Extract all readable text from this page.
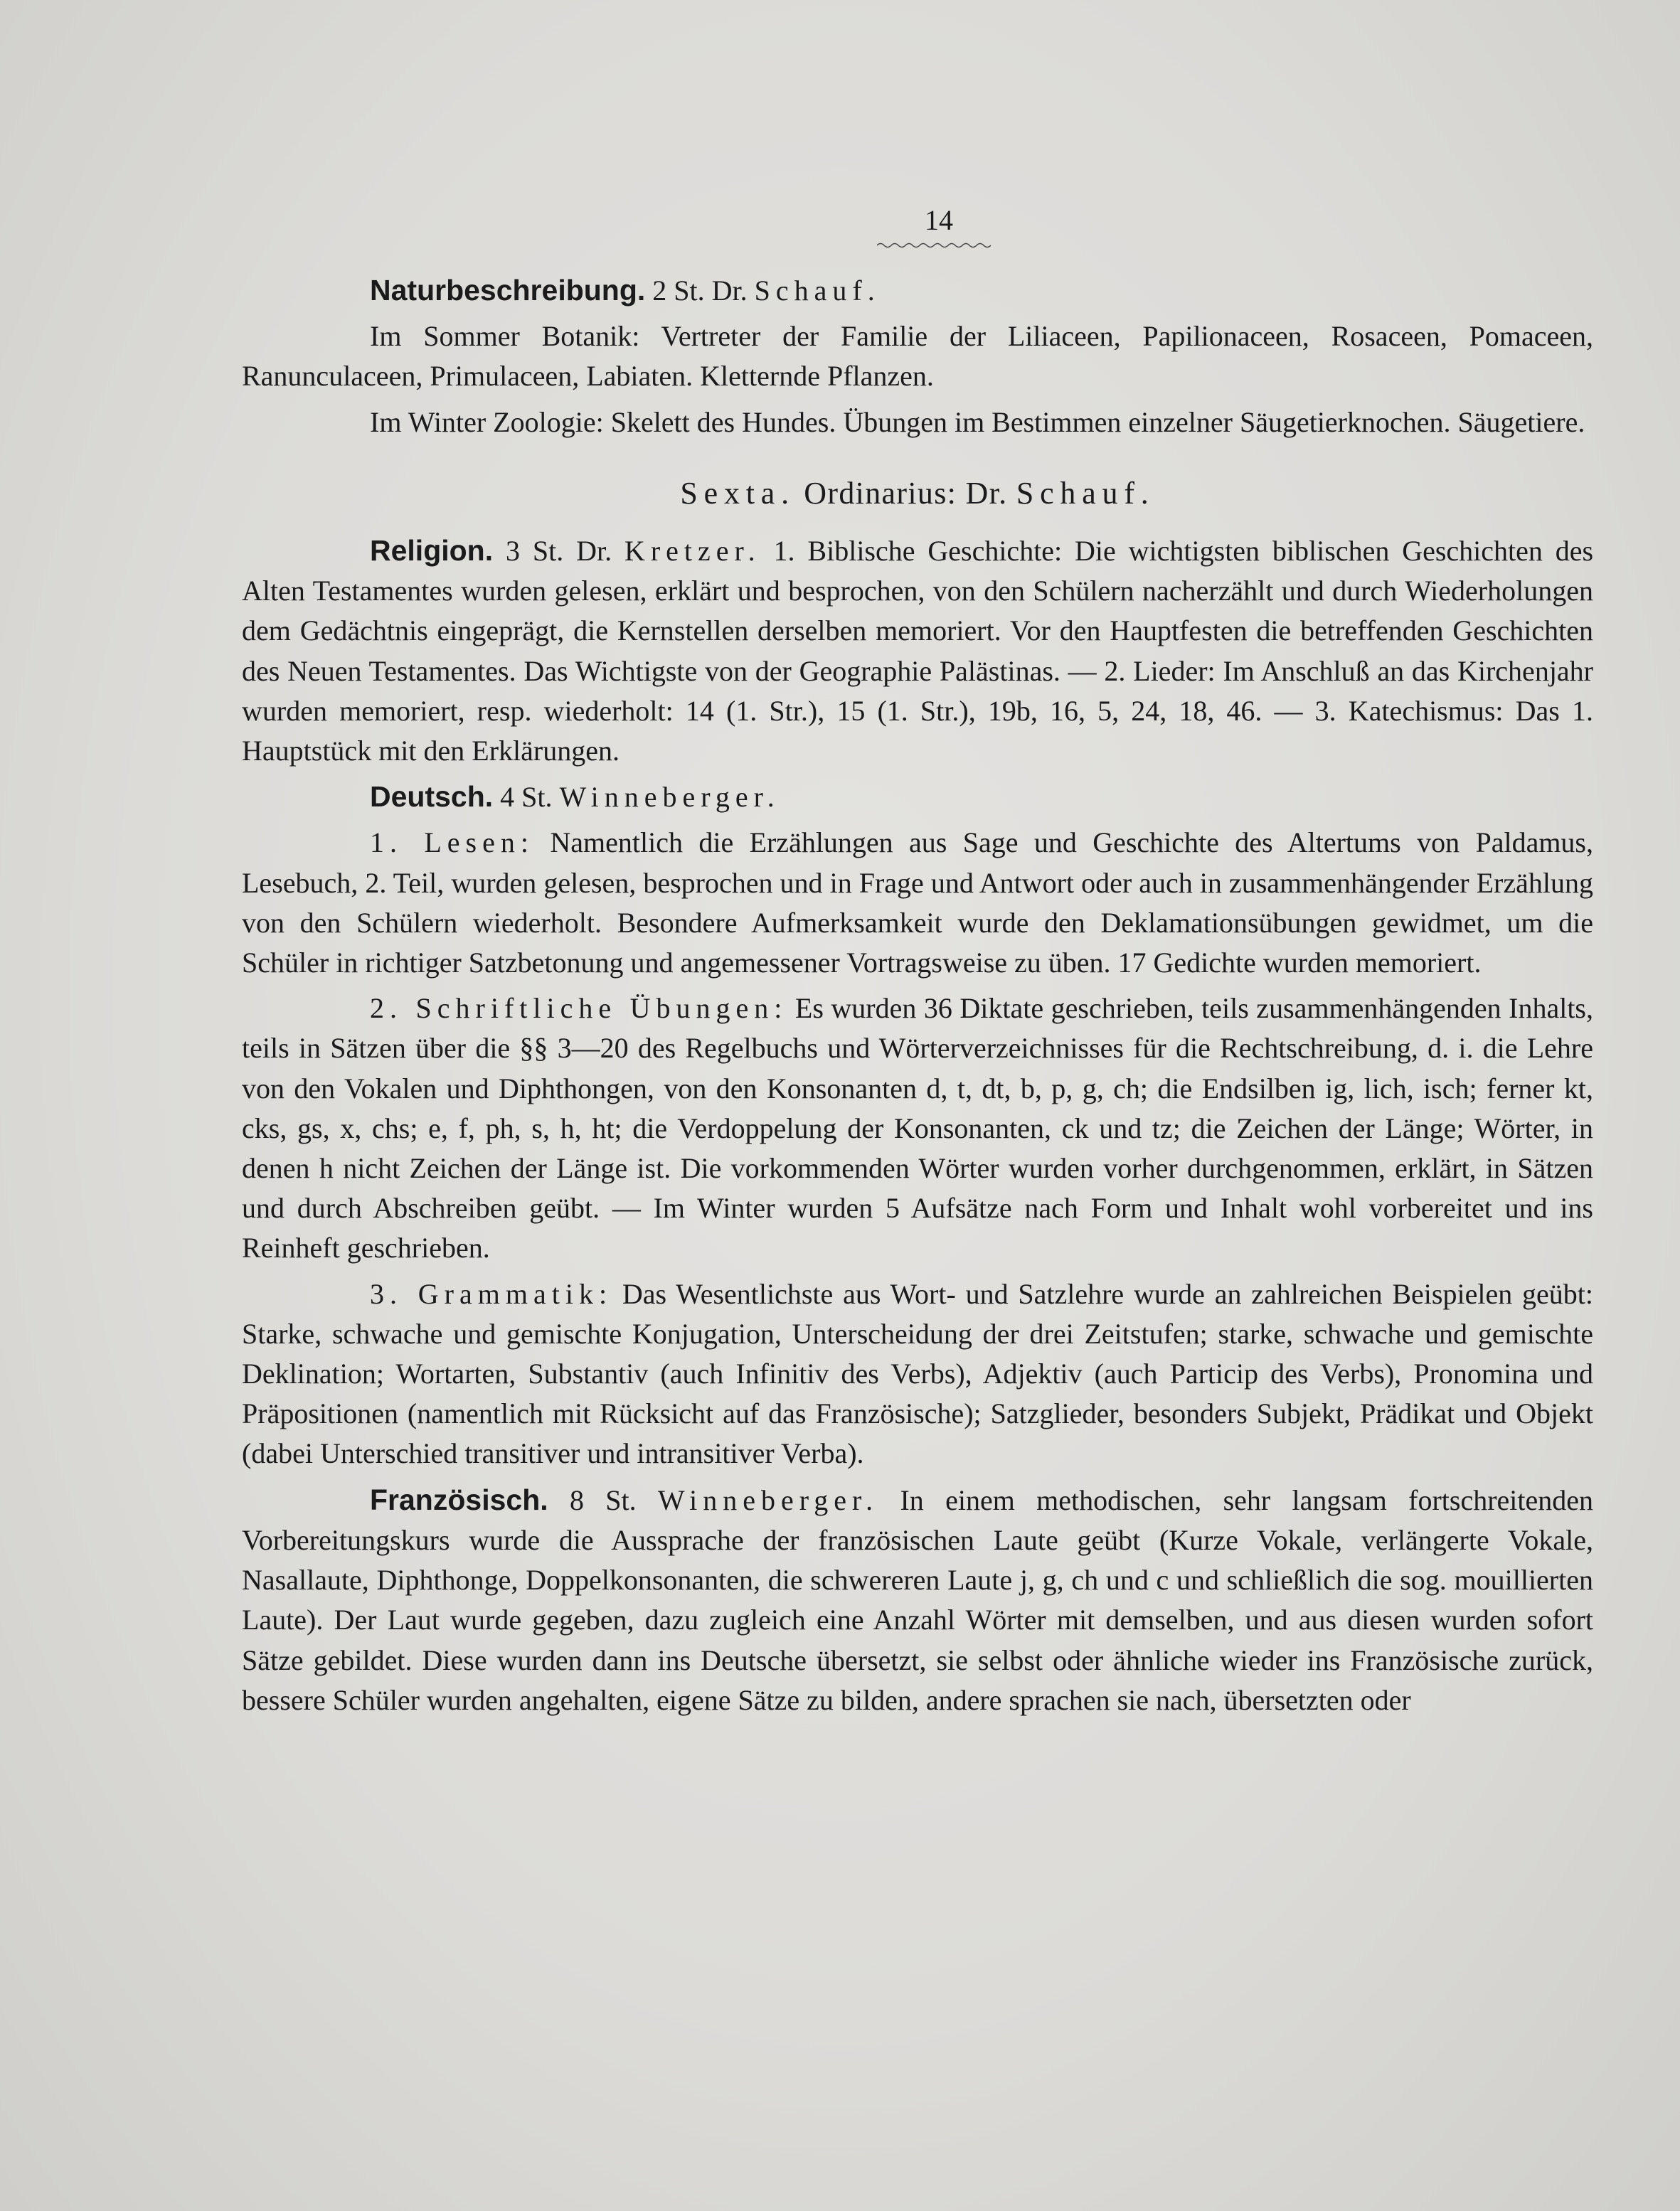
14

Naturbeschreibung. 2 St. Dr. Schauf.

Im Sommer Botanik: Vertreter der Familie der Liliaceen, Papilionaceen, Rosaceen, Pomaceen, Ranunculaceen, Primulaceen, Labiaten. Kletternde Pflanzen.

Im Winter Zoologie: Skelett des Hundes. Übungen im Bestimmen einzelner Säugetierknochen. Säugetiere.

Sexta. Ordinarius: Dr. Schauf.

Religion. 3 St. Dr. Kretzer. 1. Biblische Geschichte: Die wichtigsten biblischen Geschichten des Alten Testamentes wurden gelesen, erklärt und besprochen, von den Schülern nacherzählt und durch Wiederholungen dem Gedächtnis eingeprägt, die Kernstellen derselben memoriert. Vor den Hauptfesten die betreffenden Geschichten des Neuen Testamentes. Das Wichtigste von der Geographie Palästinas. — 2. Lieder: Im Anschluß an das Kirchenjahr wurden memoriert, resp. wiederholt: 14 (1. Str.), 15 (1. Str.), 19b, 16, 5, 24, 18, 46. — 3. Katechismus: Das 1. Hauptstück mit den Erklärungen.

Deutsch. 4 St. Winneberger.

1. Lesen: Namentlich die Erzählungen aus Sage und Geschichte des Altertums von Paldamus, Lesebuch, 2. Teil, wurden gelesen, besprochen und in Frage und Antwort oder auch in zusammenhängender Erzählung von den Schülern wiederholt. Besondere Aufmerksamkeit wurde den Deklamationsübungen gewidmet, um die Schüler in richtiger Satzbetonung und angemessener Vortragsweise zu üben. 17 Gedichte wurden memoriert.

2. Schriftliche Übungen: Es wurden 36 Diktate geschrieben, teils zusammenhängenden Inhalts, teils in Sätzen über die §§ 3—20 des Regelbuchs und Wörterverzeichnisses für die Rechtschreibung, d. i. die Lehre von den Vokalen und Diphthongen, von den Konsonanten d, t, dt, b, p, g, ch; die Endsilben ig, lich, isch; ferner kt, cks, gs, x, chs; e, f, ph, s, h, ht; die Verdoppelung der Konsonanten, ck und tz; die Zeichen der Länge; Wörter, in denen h nicht Zeichen der Länge ist. Die vorkommenden Wörter wurden vorher durchgenommen, erklärt, in Sätzen und durch Abschreiben geübt. — Im Winter wurden 5 Aufsätze nach Form und Inhalt wohl vorbereitet und ins Reinheft geschrieben.

3. Grammatik: Das Wesentlichste aus Wort- und Satzlehre wurde an zahlreichen Beispielen geübt: Starke, schwache und gemischte Konjugation, Unterscheidung der drei Zeitstufen; starke, schwache und gemischte Deklination; Wortarten, Substantiv (auch Infinitiv des Verbs), Adjektiv (auch Particip des Verbs), Pronomina und Präpositionen (namentlich mit Rücksicht auf das Französische); Satzglieder, besonders Subjekt, Prädikat und Objekt (dabei Unterschied transitiver und intransitiver Verba).

Französisch. 8 St. Winneberger. In einem methodischen, sehr langsam fortschreitenden Vorbereitungskurs wurde die Aussprache der französischen Laute geübt (Kurze Vokale, verlängerte Vokale, Nasallaute, Diphthonge, Doppelkonsonanten, die schwereren Laute j, g, ch und c und schließlich die sog. mouillierten Laute). Der Laut wurde gegeben, dazu zugleich eine Anzahl Wörter mit demselben, und aus diesen wurden sofort Sätze gebildet. Diese wurden dann ins Deutsche übersetzt, sie selbst oder ähnliche wieder ins Französische zurück, bessere Schüler wurden angehalten, eigene Sätze zu bilden, andere sprachen sie nach, übersetzten oder
